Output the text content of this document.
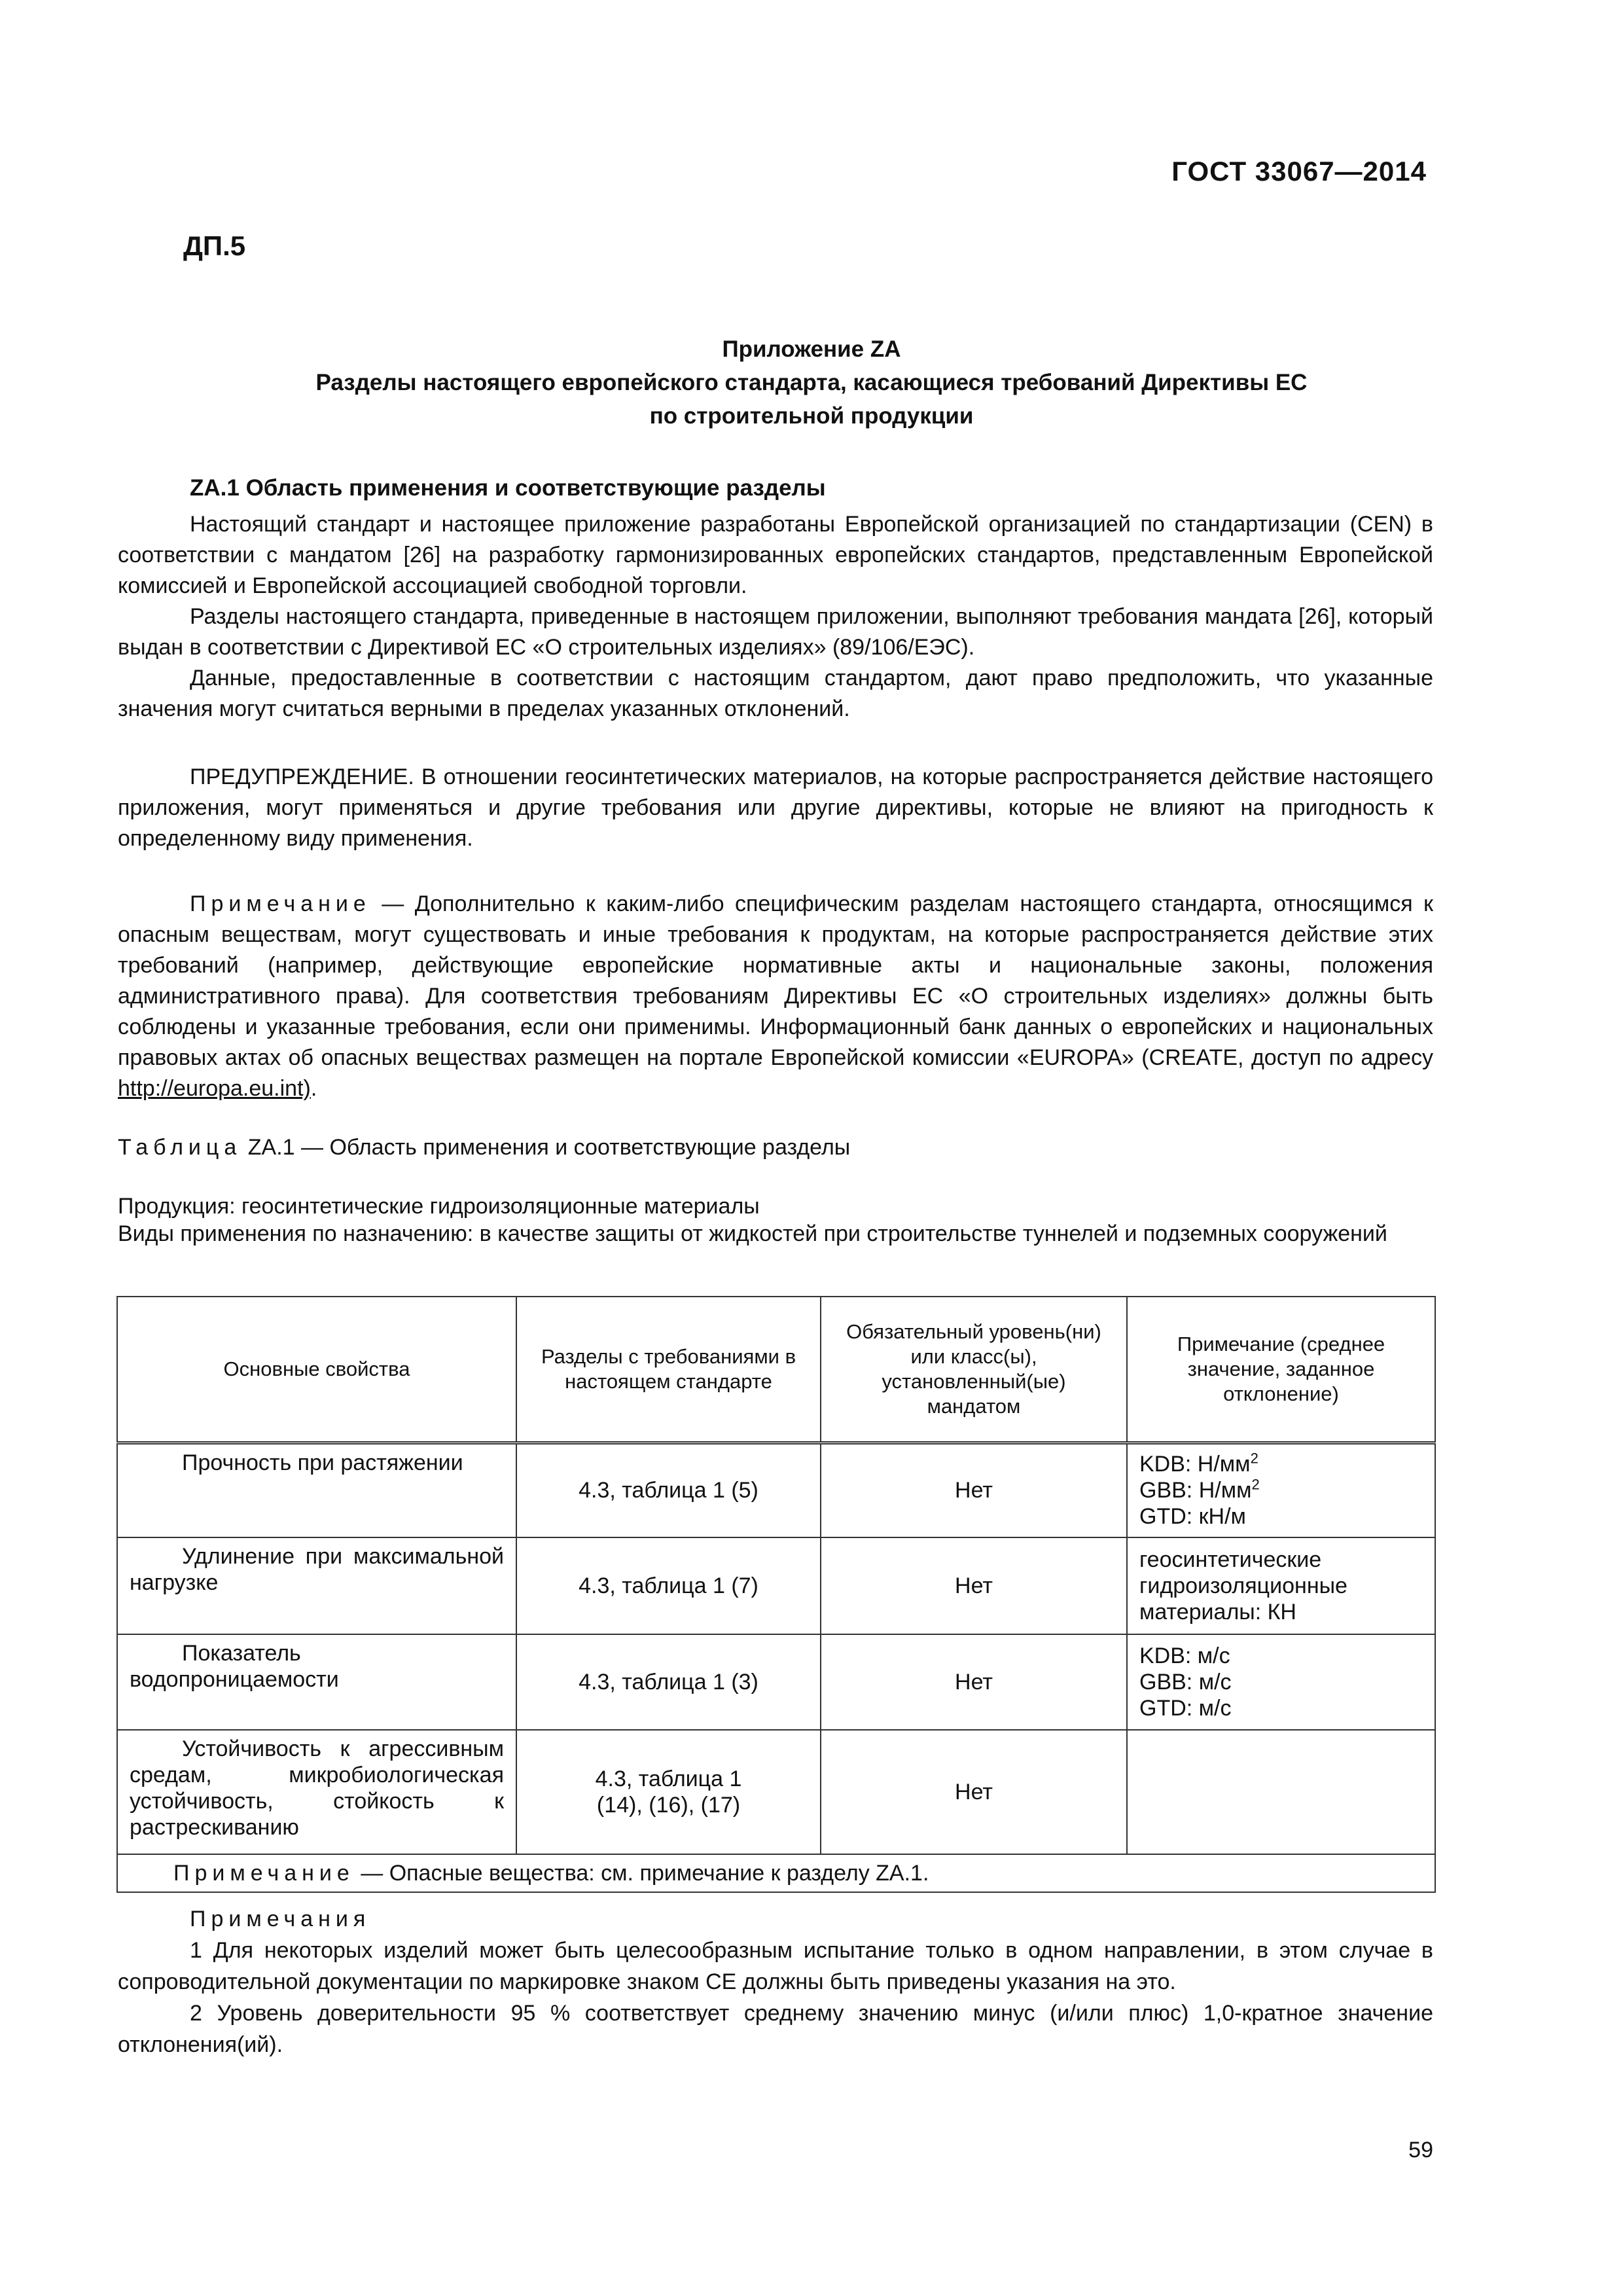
ГОСТ 33067—2014
ДП.5
Приложение ZA
Разделы настоящего европейского стандарта, касающиеся требований Директивы ЕС
по строительной продукции
ZA.1 Область применения и соответствующие разделы
Настоящий стандарт и настоящее приложение разработаны Европейской организацией по стандартизации (CEN) в соответствии с мандатом [26] на разработку гармонизированных европейских стандартов, представленным Европейской комиссией и Европейской ассоциацией свободной торговли.
Разделы настоящего стандарта, приведенные в настоящем приложении, выполняют требования мандата [26], который выдан в соответствии с Директивой ЕС «О строительных изделиях» (89/106/ЕЭС).
Данные, предоставленные в соответствии с настоящим стандартом, дают право предположить, что указанные значения могут считаться верными в пределах указанных отклонений.
ПРЕДУПРЕЖДЕНИЕ. В отношении геосинтетических материалов, на которые распространяется действие настоящего приложения, могут применяться и другие требования или другие директивы, которые не влияют на пригодность к определенному виду применения.
Примечание — Дополнительно к каким-либо специфическим разделам настоящего стандарта, относящимся к опасным веществам, могут существовать и иные требования к продуктам, на которые распространяется действие этих требований (например, действующие европейские нормативные акты и национальные законы, положения административного права). Для соответствия требованиям Директивы ЕС «О строительных изделиях» должны быть соблюдены и указанные требования, если они применимы. Информационный банк данных о европейских и национальных правовых актах об опасных веществах размещен на портале Европейской комиссии «EUROPA» (CREATE, доступ по адресу http://europa.eu.int).
Таблица ZA.1 — Область применения и соответствующие разделы
Продукция: геосинтетические гидроизоляционные материалы
Виды применения по назначению: в качестве защиты от жидкостей при строительстве туннелей и подземных сооружений
Основные свойства	Разделы с требованиями в настоящем стандарте	Обязательный уровень(ни) или класс(ы), установленный(ые) мандатом	Примечание (среднее значение, заданное отклонение)

Прочность при растяжении	4.3, таблица 1 (5)	Нет	KDB: $Н/мм^2$
GBB: $Н/мм^2$
GTD: кН/м

Удлинение при максимальной нагрузке	4.3, таблица 1 (7)	Нет	геосинтетические гидроизоляционные материалы: КН

Показатель водопроницаемости	4.3, таблица 1 (3)	Нет	KDB: м/с
GBB: м/с
GTD: м/с

Устойчивость к агрессивным средам, микробиологическая устойчивость, стойкость к растрескиванию	4.3, таблица 1
(14), (16), (17)	Нет	
Примечание — Опасные вещества: см. примечание к разделу ZA.1.			
Примечания
1 Для некоторых изделий может быть целесообразным испытание только в одном направлении, в этом случае в сопроводительной документации по маркировке знаком СЕ должны быть приведены указания на это.
2 Уровень доверительности 95 % соответствует среднему значению минус (и/или плюс) 1,0-кратное значение отклонения(ий).
59
